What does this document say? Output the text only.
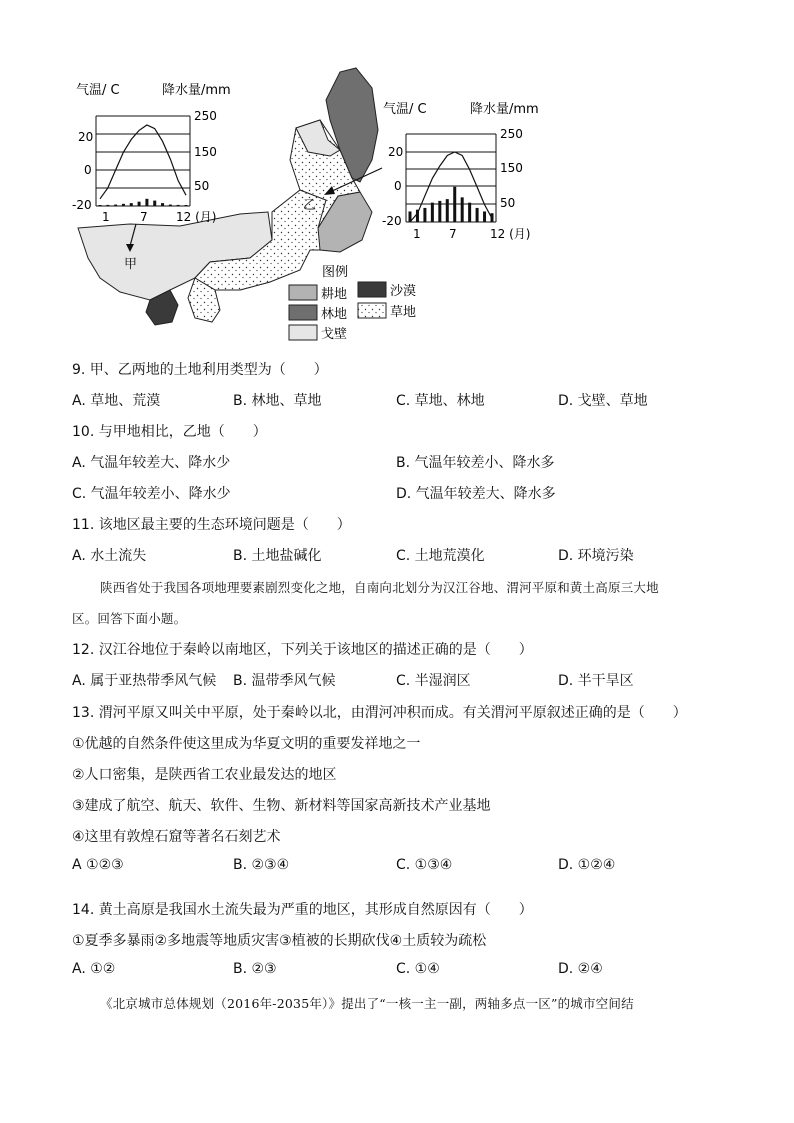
甲
乙
气温/ C	降水量/mm
20
0
-20
250
150
50
1	7 12 (月)
气温/ C	降水量/mm
20
0
-20
250
150
50
1 7	12 (月)
图例
耕地	沙漠
林地	草地
戈壁
9. 甲、乙两地的土地利用类型为（　　）
A. 草地、荒漠	B. 林地、草地	C. 草地、林地	D. 戈壁、草地
10. 与甲地相比，乙地（　　）
A. 气温年较差大、降水少	B. 气温年较差小、降水多
C. 气温年较差小、降水少	D. 气温年较差大、降水多
11. 该地区最主要的生态环境问题是（　　）
A. 水土流失	B. 土地盐碱化	C. 土地荒漠化	D. 环境污染
陕西省处于我国各项地理要素剧烈变化之地，自南向北划分为汉江谷地、渭河平原和黄土高原三大地
区。回答下面小题。
12. 汉江谷地位于秦岭以南地区，下列关于该地区的描述正确的是（　　）
A. 属于亚热带季风气候 B. 温带季风气候	C. 半湿润区	D. 半干旱区
13. 渭河平原又叫关中平原，处于秦岭以北，由渭河冲积而成。有关渭河平原叙述正确的是（　　）
①优越的自然条件使这里成为华夏文明的重要发祥地之一
②人口密集，是陕西省工农业最发达的地区
③建成了航空、航天、软件、生物、新材料等国家高新技术产业基地
④这里有敦煌石窟等著名石刻艺术
A ①②③	B. ②③④	C. ①③④	D. ①②④
14. 黄土高原是我国水土流失最为严重的地区，其形成自然原因有（　　）
①夏季多暴雨②多地震等地质灾害③植被的长期砍伐④土质较为疏松
A. ①②	B. ②③	C. ①④	D. ②④
《北京城市总体规划（2016年-2035年）》提出了“一核一主一副，两轴多点一区”的城市空间结
